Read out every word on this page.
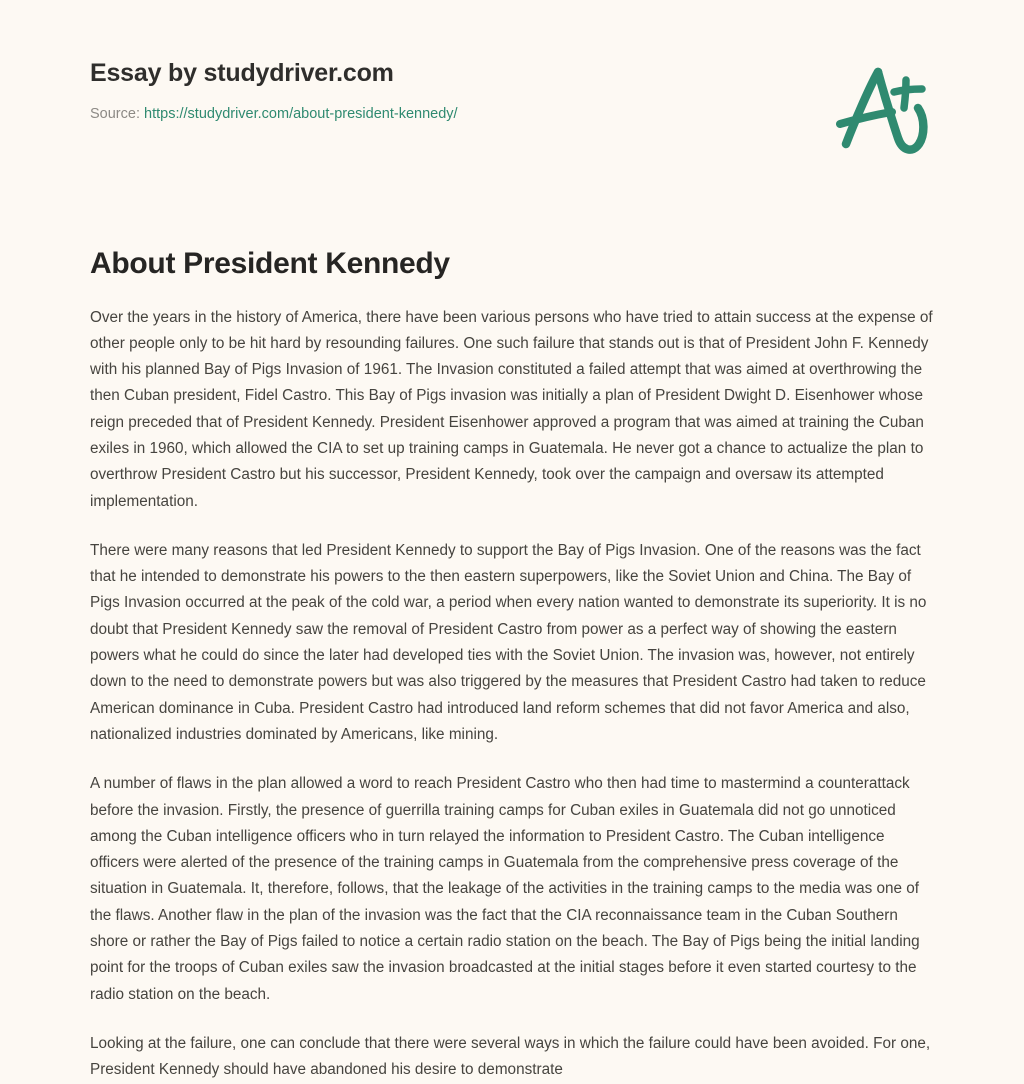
Essay by studydriver.com
Source: https://studydriver.com/about-president-kennedy/
About President Kennedy

Over the years in the history of America, there have been various persons who have tried to attain success at the expense of other people only to be hit hard by resounding failures. One such failure that stands out is that of President John F. Kennedy with his planned Bay of Pigs Invasion of 1961. The Invasion constituted a failed attempt that was aimed at overthrowing the then Cuban president, Fidel Castro. This Bay of Pigs invasion was initially a plan of President Dwight D. Eisenhower whose reign preceded that of President Kennedy. President Eisenhower approved a program that was aimed at training the Cuban exiles in 1960, which allowed the CIA to set up training camps in Guatemala. He never got a chance to actualize the plan to overthrow President Castro but his successor, President Kennedy, took over the campaign and oversaw its attempted implementation.

There were many reasons that led President Kennedy to support the Bay of Pigs Invasion. One of the reasons was the fact that he intended to demonstrate his powers to the then eastern superpowers, like the Soviet Union and China. The Bay of Pigs Invasion occurred at the peak of the cold war, a period when every nation wanted to demonstrate its superiority. It is no doubt that President Kennedy saw the removal of President Castro from power as a perfect way of showing the eastern powers what he could do since the later had developed ties with the Soviet Union. The invasion was, however, not entirely down to the need to demonstrate powers but was also triggered by the measures that President Castro had taken to reduce American dominance in Cuba. President Castro had introduced land reform schemes that did not favor America and also, nationalized industries dominated by Americans, like mining.

A number of flaws in the plan allowed a word to reach President Castro who then had time to mastermind a counterattack before the invasion. Firstly, the presence of guerrilla training camps for Cuban exiles in Guatemala did not go unnoticed among the Cuban intelligence officers who in turn relayed the information to President Castro. The Cuban intelligence officers were alerted of the presence of the training camps in Guatemala from the comprehensive press coverage of the situation in Guatemala. It, therefore, follows, that the leakage of the activities in the training camps to the media was one of the flaws. Another flaw in the plan of the invasion was the fact that the CIA reconnaissance team in the Cuban Southern shore or rather the Bay of Pigs failed to notice a certain radio station on the beach. The Bay of Pigs being the initial landing point for the troops of Cuban exiles saw the invasion broadcasted at the initial stages before it even started courtesy to the radio station on the beach.

Looking at the failure, one can conclude that there were several ways in which the failure could have been avoided. For one, President Kennedy should have abandoned his desire to demonstrate
